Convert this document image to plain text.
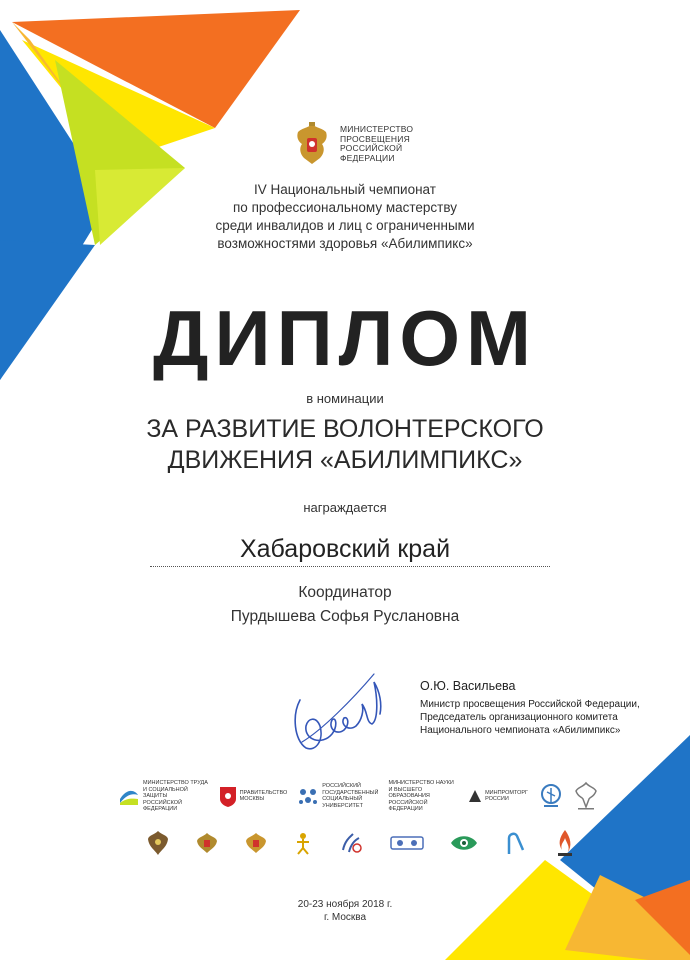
МИНИСТЕРСТВО
ПРОСВЕЩЕНИЯ
РОССИЙСКОЙ
ФЕДЕРАЦИИ
IV Национальный чемпионат
по профессиональному мастерству
среди инвалидов и лиц с ограниченными
возможностями здоровья «Абилимпикс»
ДИПЛОМ
в номинации
ЗА РАЗВИТИЕ ВОЛОНТЕРСКОГО
ДВИЖЕНИЯ «АБИЛИМПИКС»
награждается
Хабаровский край
Координатор
Пурдышева Софья Руслановна
О.Ю. Васильева
Министр просвещения Российской Федерации,
Председатель организационного комитета
Национального чемпионата «Абилимпикс»
МИНИСТЕРСТВО ТРУДА
И СОЦИАЛЬНОЙ ЗАЩИТЫ
РОССИЙСКОЙ ФЕДЕРАЦИИ
ПРАВИТЕЛЬСТВО
МОСКВЫ
РОССИЙСКИЙ
ГОСУДАРСТВЕННЫЙ
СОЦИАЛЬНЫЙ
УНИВЕРСИТЕТ
МИНИСТЕРСТВО НАУКИ
И ВЫСШЕГО ОБРАЗОВАНИЯ
РОССИЙСКОЙ ФЕДЕРАЦИИ
МИНПРОМТОРГ
РОССИИ
20-23 ноября 2018 г.
г. Москва
